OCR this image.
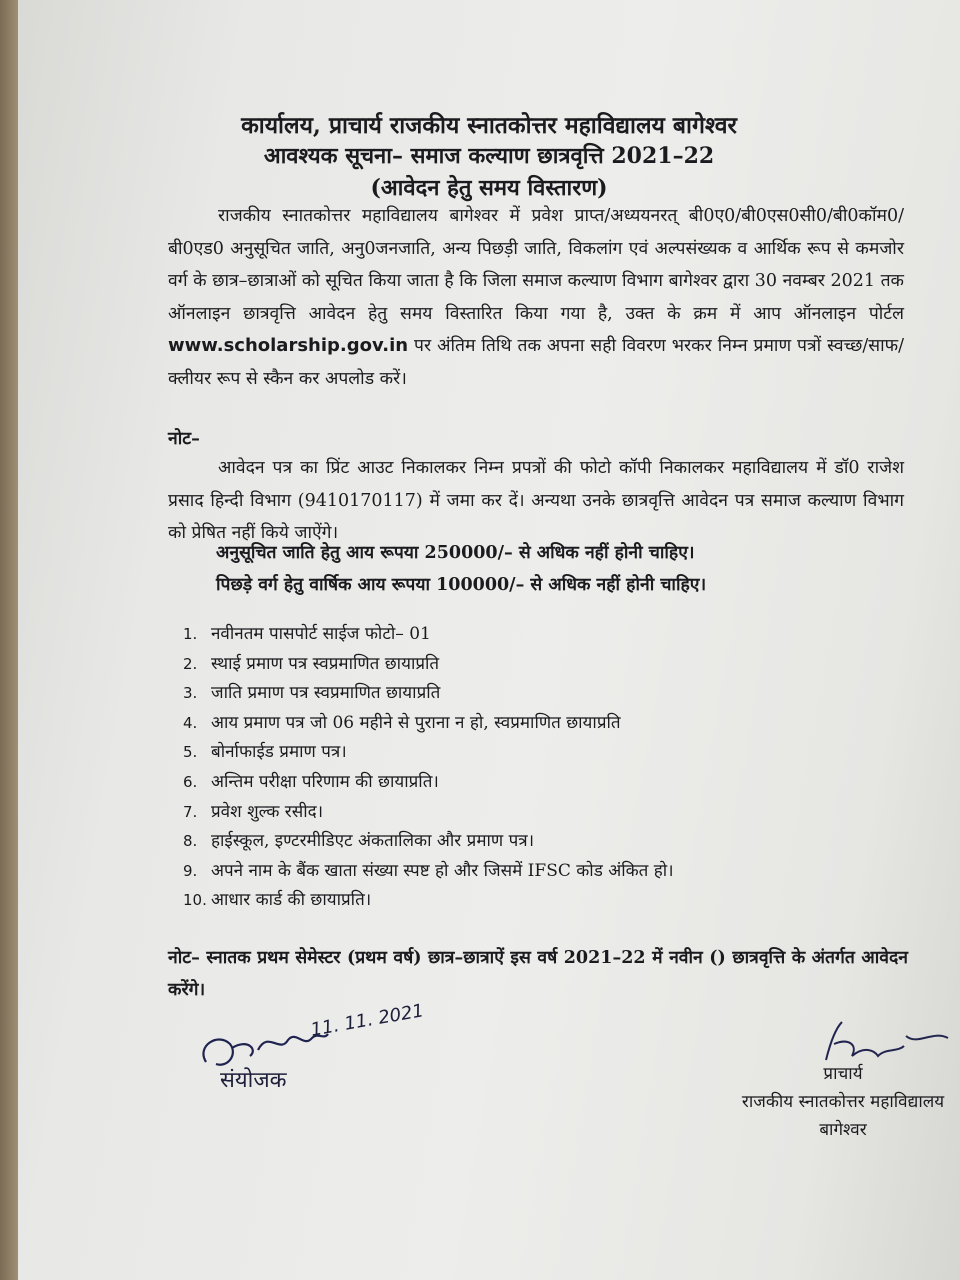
कार्यालय, प्राचार्य राजकीय स्नातकोत्तर महाविद्यालय बागेश्वर
आवश्यक सूचना– समाज कल्याण छात्रवृत्ति 2021–22
(आवेदन हेतु समय विस्तारण)
राजकीय स्नातकोत्तर महाविद्यालय बागेश्वर में प्रवेश प्राप्त/अध्ययनरत् बी0ए0/बी0एस0सी0/बी0कॉम0/बी0एड0 अनुसूचित जाति, अनु0जनजाति, अन्य पिछड़ी जाति, विकलांग एवं अल्पसंख्यक व आर्थिक रूप से कमजोर वर्ग के छात्र–छात्राओं को सूचित किया जाता है कि जिला समाज कल्याण विभाग बागेश्वर द्वारा 30 नवम्बर 2021 तक ऑनलाइन छात्रवृत्ति आवेदन हेतु समय विस्तारित किया गया है, उक्त के क्रम में आप ऑनलाइन पोर्टल www.scholarship.gov.in पर अंतिम तिथि तक अपना सही विवरण भरकर निम्न प्रमाण पत्रों स्वच्छ/साफ/क्लीयर रूप से स्कैन कर अपलोड करें।
नोट–
आवेदन पत्र का प्रिंट आउट निकालकर निम्न प्रपत्रों की फोटो कॉपी निकालकर महाविद्यालय में डॉ0 राजेश प्रसाद हिन्दी विभाग (9410170117) में जमा कर दें। अन्यथा उनके छात्रवृत्ति आवेदन पत्र समाज कल्याण विभाग को प्रेषित नहीं किये जाऐंगे।
अनुसूचित जाति हेतु आय रूपया 250000/– से अधिक नहीं होनी चाहिए।
पिछड़े वर्ग हेतु वार्षिक आय रूपया 100000/– से अधिक नहीं होनी चाहिए।
1. नवीनतम पासपोर्ट साईज फोटो– 01
2. स्थाई प्रमाण पत्र स्वप्रमाणित छायाप्रति
3. जाति प्रमाण पत्र स्वप्रमाणित छायाप्रति
4. आय प्रमाण पत्र जो 06 महीने से पुराना न हो, स्वप्रमाणित छायाप्रति
5. बोर्नाफाईड प्रमाण पत्र।
6. अन्तिम परीक्षा परिणाम की छायाप्रति।
7. प्रवेश शुल्क रसीद।
8. हाईस्कूल, इण्टरमीडिएट अंकतालिका और प्रमाण पत्र।
9. अपने नाम के बैंक खाता संख्या स्पष्ट हो और जिसमें IFSC कोड अंकित हो।
10. आधार कार्ड की छायाप्रति।
नोट– स्नातक प्रथम सेमेस्टर (प्रथम वर्ष) छात्र–छात्राऐं इस वर्ष 2021–22 में नवीन () छात्रवृत्ति के अंतर्गत आवेदन करेंगे।
11. 11. 2021
संयोजक	प्राचार्य
राजकीय स्नातकोत्तर महाविद्यालय
बागेश्वर
